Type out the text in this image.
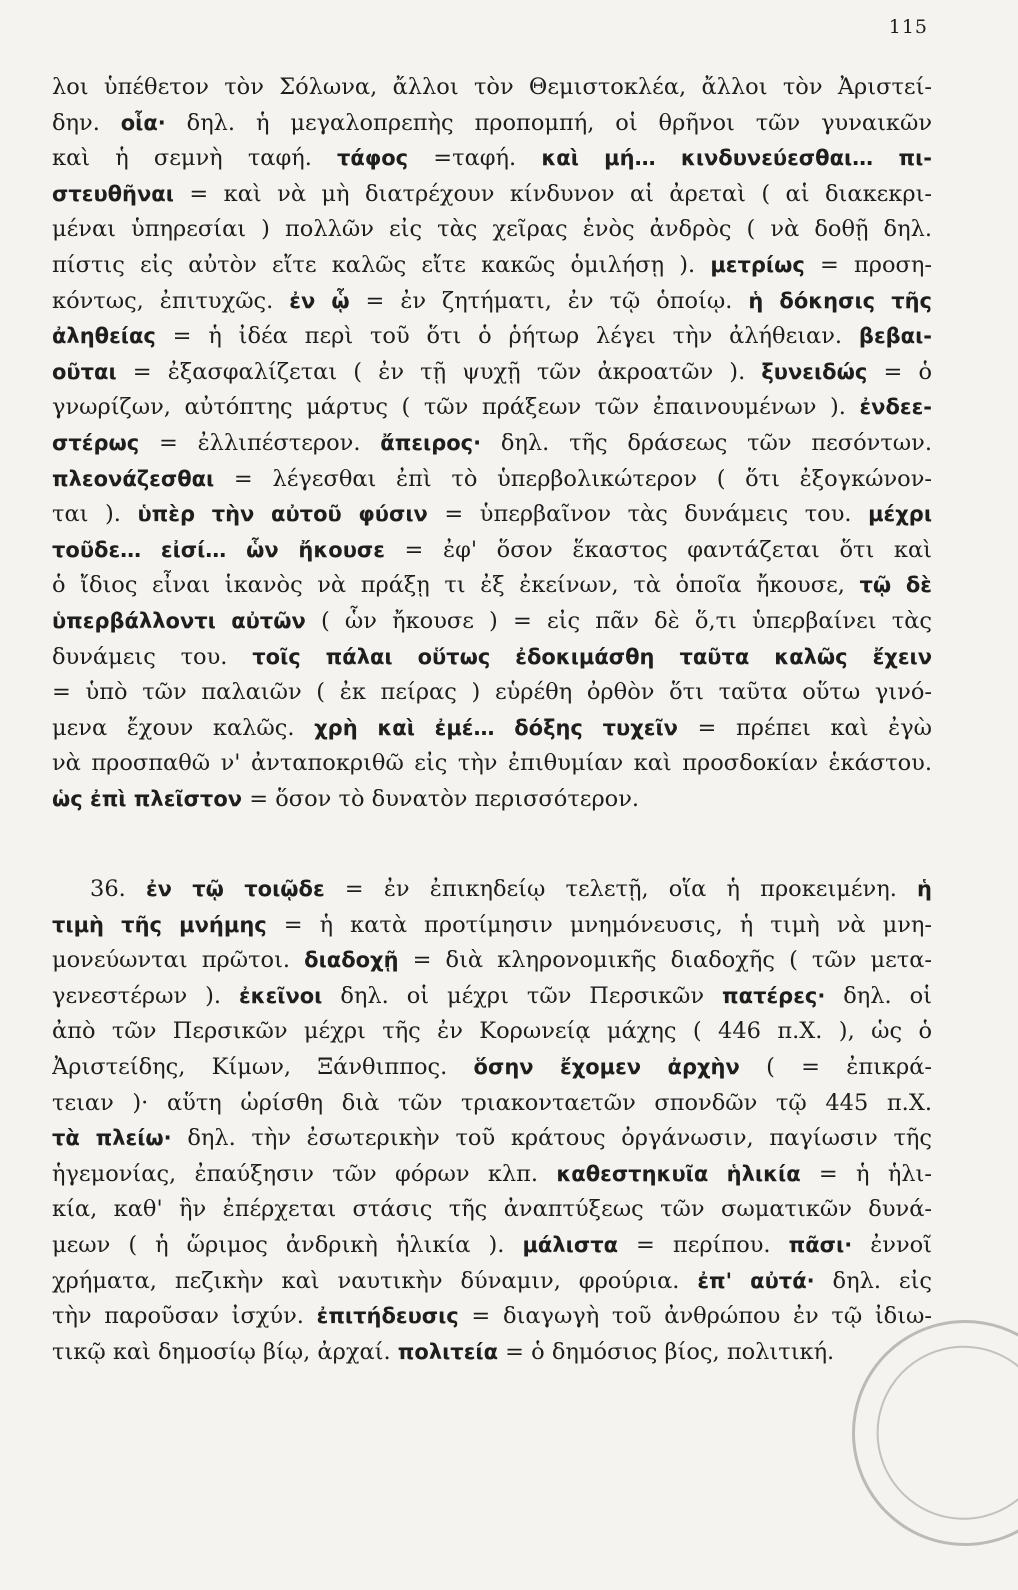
115
λοι ὑπέθετον τὸν Σόλωνα, ἄλλοι τὸν Θεμιστοκλέα, ἄλλοι τὸν Ἀριστεί-
δην. οἷα· δηλ. ἡ μεγαλοπρεπὴς προπομπή, οἱ θρῆνοι τῶν γυναικῶν
καὶ ἡ σεμνὴ ταφή. τάφος =ταφή. καὶ μή… κινδυνεύεσθαι… πι-
στευθῆναι = καὶ νὰ μὴ διατρέχουν κίνδυνον αἱ ἀρεταὶ ( αἱ διακεκρι-
μέναι ὑπηρεσίαι ) πολλῶν εἰς τὰς χεῖρας ἑνὸς ἀνδρὸς ( νὰ δοθῇ δηλ.
πίστις εἰς αὐτὸν εἴτε καλῶς εἴτε κακῶς ὁμιλήσῃ ). μετρίως = προση-
κόντως, ἐπιτυχῶς. ἐν ᾧ = ἐν ζητήματι, ἐν τῷ ὁποίῳ. ἡ δόκησις τῆς
ἀληθείας = ἡ ἰδέα περὶ τοῦ ὅτι ὁ ῥήτωρ λέγει τὴν ἀλήθειαν. βεβαι-
οῦται = ἐξασφαλίζεται ( ἐν τῇ ψυχῇ τῶν ἀκροατῶν ). ξυνειδώς = ὁ
γνωρίζων, αὐτόπτης μάρτυς ( τῶν πράξεων τῶν ἐπαινουμένων ). ἐνδεε-
στέρως = ἐλλιπέστερον. ἄπειρος· δηλ. τῆς δράσεως τῶν πεσόντων.
πλεονάζεσθαι = λέγεσθαι ἐπὶ τὸ ὑπερβολικώτερον ( ὅτι ἐξογκώνον-
ται ). ὑπὲρ τὴν αὐτοῦ φύσιν = ὑπερβαῖνον τὰς δυνάμεις του. μέχρι
τοῦδε… εἰσί… ὧν ἤκουσε = ἐφ' ὅσον ἕκαστος φαντάζεται ὅτι καὶ
ὁ ἴδιος εἶναι ἱκανὸς νὰ πράξῃ τι ἐξ ἐκείνων, τὰ ὁποῖα ἤκουσε, τῷ δὲ
ὑπερβάλλοντι αὐτῶν ( ὧν ἤκουσε ) = εἰς πᾶν δὲ ὅ,τι ὑπερβαίνει τὰς
δυνάμεις του. τοῖς πάλαι οὕτως ἐδοκιμάσθη ταῦτα καλῶς ἔχειν
= ὑπὸ τῶν παλαιῶν ( ἐκ πείρας ) εὑρέθη ὀρθὸν ὅτι ταῦτα οὕτω γινό-
μενα ἔχουν καλῶς. χρὴ καὶ ἐμέ… δόξης τυχεῖν = πρέπει καὶ ἐγὼ
νὰ προσπαθῶ ν' ἀνταποκριθῶ εἰς τὴν ἐπιθυμίαν καὶ προσδοκίαν ἑκάστου.
ὡς ἐπὶ πλεῖστον = ὅσον τὸ δυνατὸν περισσότερον.
36. ἐν τῷ τοιῷδε = ἐν ἐπικηδείῳ τελετῇ, οἵα ἡ προκειμένη. ἡ
τιμὴ τῆς μνήμης = ἡ κατὰ προτίμησιν μνημόνευσις, ἡ τιμὴ νὰ μνη-
μονεύωνται πρῶτοι. διαδοχῇ = διὰ κληρονομικῆς διαδοχῆς ( τῶν μετα-
γενεστέρων ). ἐκεῖνοι δηλ. οἱ μέχρι τῶν Περσικῶν πατέρες· δηλ. οἱ
ἀπὸ τῶν Περσικῶν μέχρι τῆς ἐν Κορωνείᾳ μάχης ( 446 π.Χ. ), ὡς ὁ
Ἀριστείδης, Κίμων, Ξάνθιππος. ὅσην ἔχομεν ἀρχὴν ( = ἐπικρά-
τειαν )· αὕτη ὡρίσθη διὰ τῶν τριακονταετῶν σπονδῶν τῷ 445 π.Χ.
τὰ πλείω· δηλ. τὴν ἐσωτερικὴν τοῦ κράτους ὀργάνωσιν, παγίωσιν τῆς
ἡγεμονίας, ἐπαύξησιν τῶν φόρων κλπ. καθεστηκυῖα ἡλικία = ἡ ἡλι-
κία, καθ' ἣν ἐπέρχεται στάσις τῆς ἀναπτύξεως τῶν σωματικῶν δυνά-
μεων ( ἡ ὥριμος ἀνδρικὴ ἡλικία ). μάλιστα = περίπου. πᾶσι· ἐννοῖ
χρήματα, πεζικὴν καὶ ναυτικὴν δύναμιν, φρούρια. ἐπ' αὐτά· δηλ. εἰς
τὴν παροῦσαν ἰσχύν. ἐπιτήδευσις = διαγωγὴ τοῦ ἀνθρώπου ἐν τῷ ἰδιω-
τικῷ καὶ δημοσίῳ βίῳ, ἀρχαί. πολιτεία = ὁ δημόσιος βίος, πολιτική.
